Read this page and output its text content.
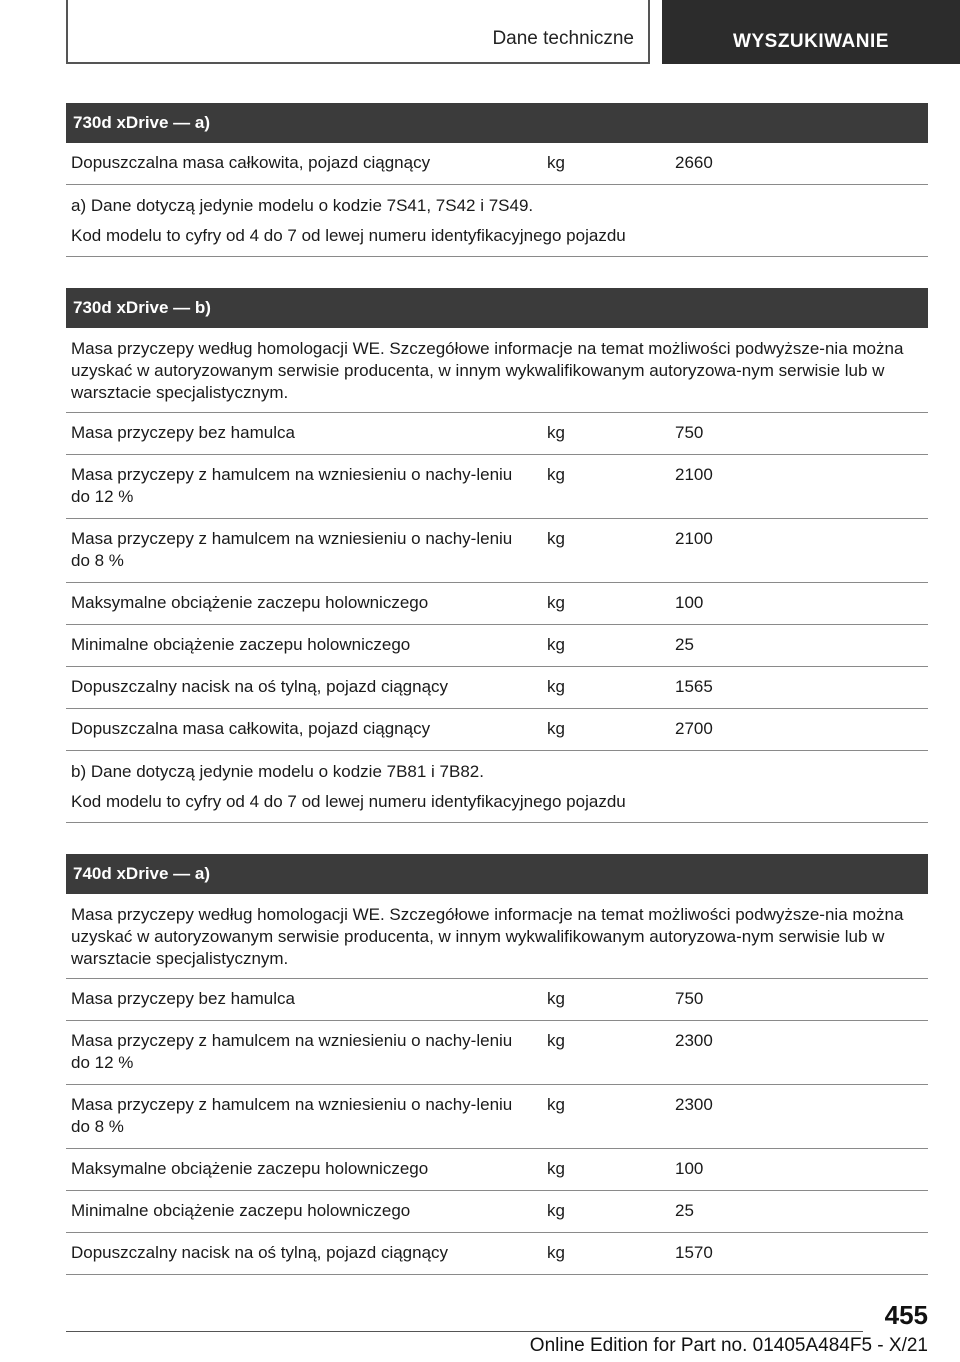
Dane techniczne	WYSZUKIWANIE
730d xDrive — a)
Dopuszczalna masa całkowita, pojazd ciągnący	kg	2660
a) Dane dotyczą jedynie modelu o kodzie 7S41, 7S42 i 7S49.
Kod modelu to cyfry od 4 do 7 od lewej numeru identyfikacyjnego pojazdu
730d xDrive — b)
Masa przyczepy według homologacji WE. Szczegółowe informacje na temat możliwości podwyższe-nia można uzyskać w autoryzowanym serwisie producenta, w innym wykwalifikowanym autoryzowa-nym serwisie lub w warsztacie specjalistycznym.
Masa przyczepy bez hamulca	kg	750
Masa przyczepy z hamulcem na wzniesieniu o nachy-leniu do 12 %
kg	2100
Masa przyczepy z hamulcem na wzniesieniu o nachy-leniu do 8 %
kg	2100
Maksymalne obciążenie zaczepu holowniczego	kg	100
Minimalne obciążenie zaczepu holowniczego	kg	25
Dopuszczalny nacisk na oś tylną, pojazd ciągnący	kg	1565
Dopuszczalna masa całkowita, pojazd ciągnący	kg	2700
b) Dane dotyczą jedynie modelu o kodzie 7B81 i 7B82.
Kod modelu to cyfry od 4 do 7 od lewej numeru identyfikacyjnego pojazdu
740d xDrive — a)
Masa przyczepy według homologacji WE. Szczegółowe informacje na temat możliwości podwyższe-nia można uzyskać w autoryzowanym serwisie producenta, w innym wykwalifikowanym autoryzowa-nym serwisie lub w warsztacie specjalistycznym.
Masa przyczepy bez hamulca	kg	750
Masa przyczepy z hamulcem na wzniesieniu o nachy-leniu do 12 %
kg	2300
Masa przyczepy z hamulcem na wzniesieniu o nachy-leniu do 8 %
kg	2300
Maksymalne obciążenie zaczepu holowniczego	kg	100
Minimalne obciążenie zaczepu holowniczego	kg	25
Dopuszczalny nacisk na oś tylną, pojazd ciągnący	kg	1570
455
Online Edition for Part no. 01405A484F5 - X/21
